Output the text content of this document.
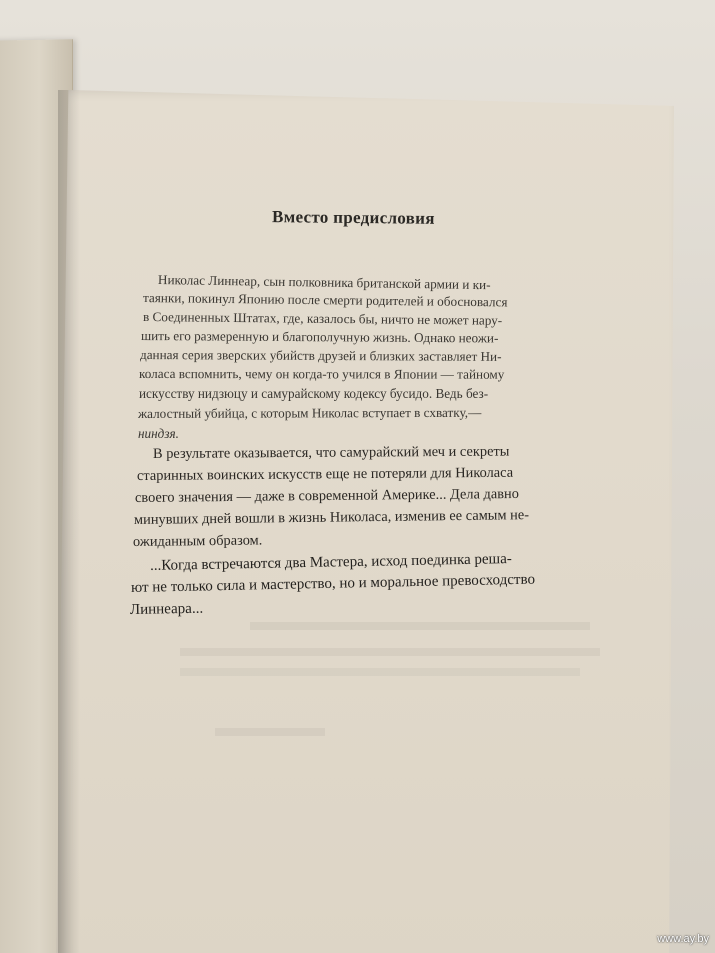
Вместо предисловия
Николас Линнеар, сын полковника британской армии и ки-
таянки, покинул Японию после смерти родителей и обосновался
в Соединенных Штатах, где, казалось бы, ничто не может нару-
шить его размеренную и благополучную жизнь. Однако неожи-
данная серия зверских убийств друзей и близких заставляет Ни-
коласа вспомнить, чему он когда-то учился в Японии — тайному
искусству нидзюцу и самурайскому кодексу бусидо. Ведь без-
жалостный убийца, с которым Николас вступает в схватку,—
ниндзя.
В результате оказывается, что самурайский меч и секреты
старинных воинских искусств еще не потеряли для Николаса
своего значения — даже в современной Америке... Дела давно
минувших дней вошли в жизнь Николаса, изменив ее самым не-
ожиданным образом.
...Когда встречаются два Мастера, исход поединка реша-
ют не только сила и мастерство, но и моральное превосходство
Линнеара...
www.ay.by
